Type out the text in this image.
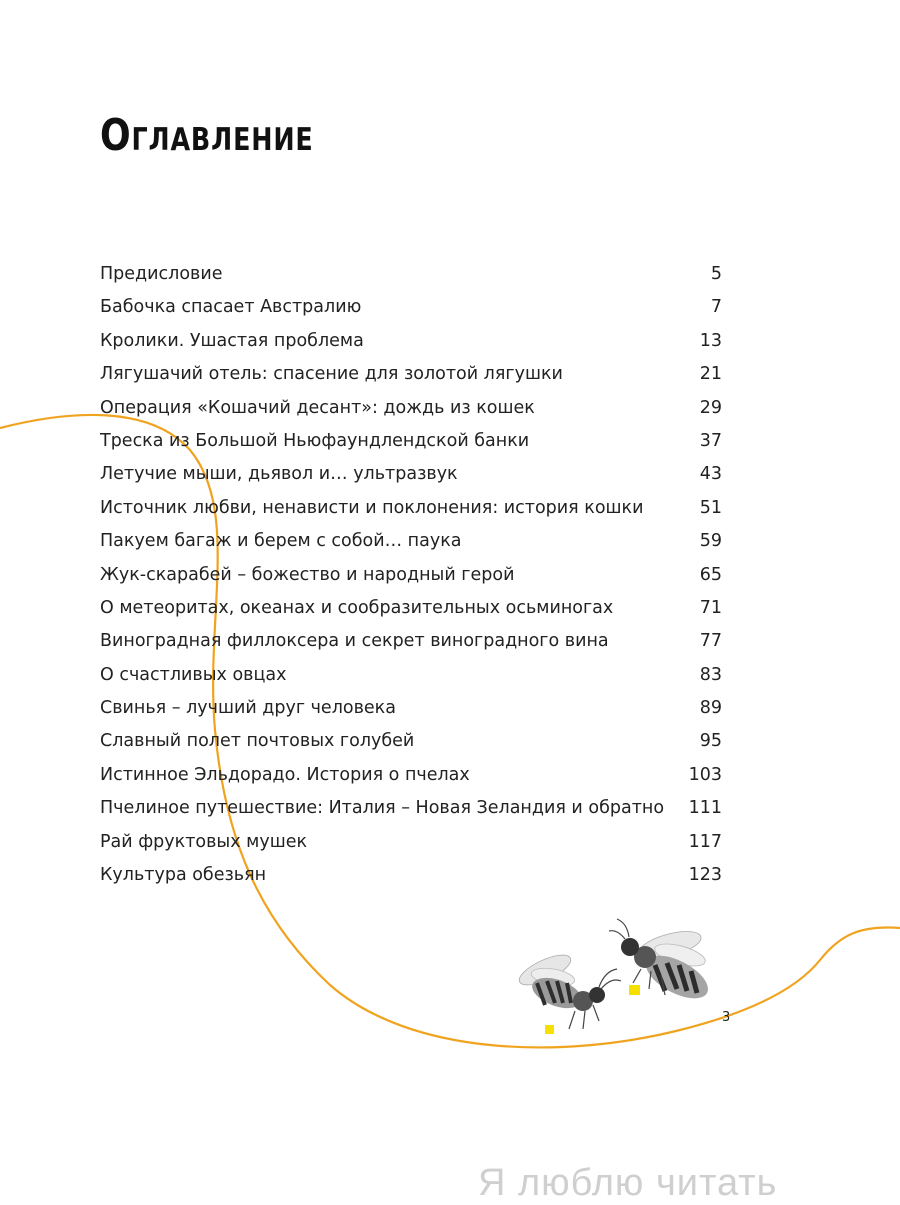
Оглавление
Предисловие	5
Бабочка спасает Австралию	7
Кролики. Ушастая проблема	13
Лягушачий отель: спасение для золотой лягушки	21
Операция «Кошачий десант»: дождь из кошек	29
Треска из Большой Ньюфаундлендской банки	37
Летучие мыши, дьявол и… ультразвук	43
Источник любви, ненависти и поклонения: история кошки	51
Пакуем багаж и берем с собой… паука	59
Жук-скарабей – божество и народный герой	65
О метеоритах, океанах и сообразительных осьминогах	71
Виноградная филлоксера и секрет виноградного вина	77
О счастливых овцах	83
Свинья – лучший друг человека	89
Славный полет почтовых голубей	95
Истинное Эльдорадо. История о пчелах	103
Пчелиное путешествие: Италия – Новая Зеландия и обратно 111
Рай фруктовых мушек	117
Культура обезьян	123
3
Я люблю читать
